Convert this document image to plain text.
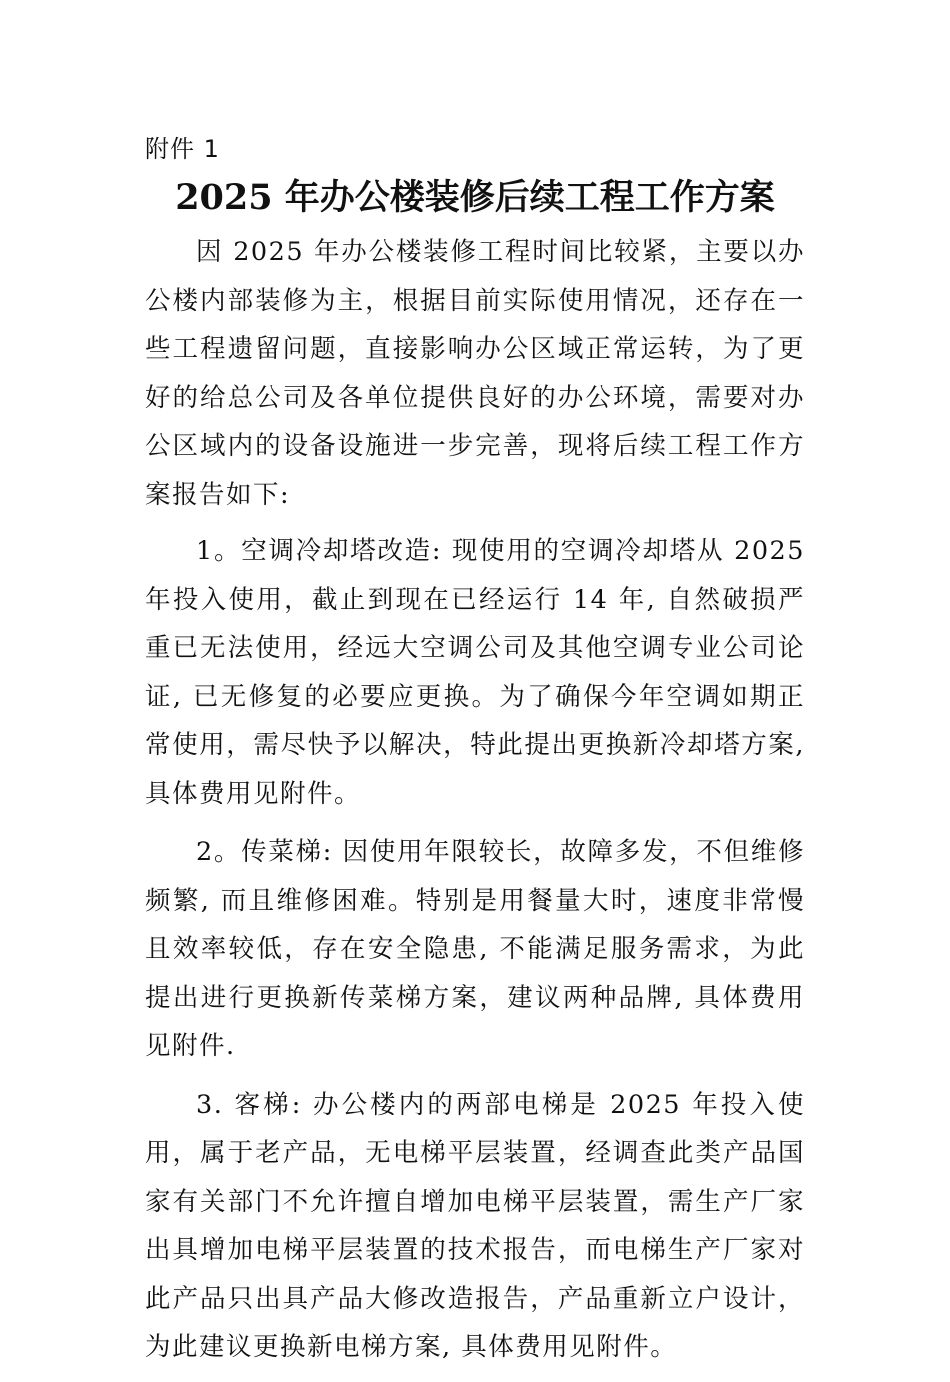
附件 1
2025 年办公楼装修后续工程工作方案

因 2025 年办公楼装修工程时间比较紧，主要以办公楼内部装修为主，根据目前实际使用情况，还存在一些工程遗留问题，直接影响办公区域正常运转，为了更好的给总公司及各单位提供良好的办公环境，需要对办公区域内的设备设施进一步完善，现将后续工程工作方案报告如下:

1。空调冷却塔改造: 现使用的空调冷却塔从 2025 年投入使用，截止到现在已经运行 14 年, 自然破损严重已无法使用，经远大空调公司及其他空调专业公司论证, 已无修复的必要应更换。为了确保今年空调如期正常使用，需尽快予以解决，特此提出更换新冷却塔方案, 具体费用见附件。

2。传菜梯: 因使用年限较长，故障多发，不但维修频繁, 而且维修困难。特别是用餐量大时，速度非常慢且效率较低，存在安全隐患, 不能满足服务需求，为此提出进行更换新传菜梯方案，建议两种品牌, 具体费用见附件.

3. 客梯: 办公楼内的两部电梯是 2025 年投入使用，属于老产品，无电梯平层装置，经调查此类产品国家有关部门不允许擅自增加电梯平层装置，需生产厂家出具增加电梯平层装置的技术报告，而电梯生产厂家对此产品只出具产品大修改造报告，产品重新立户设计，为此建议更换新电梯方案, 具体费用见附件。
